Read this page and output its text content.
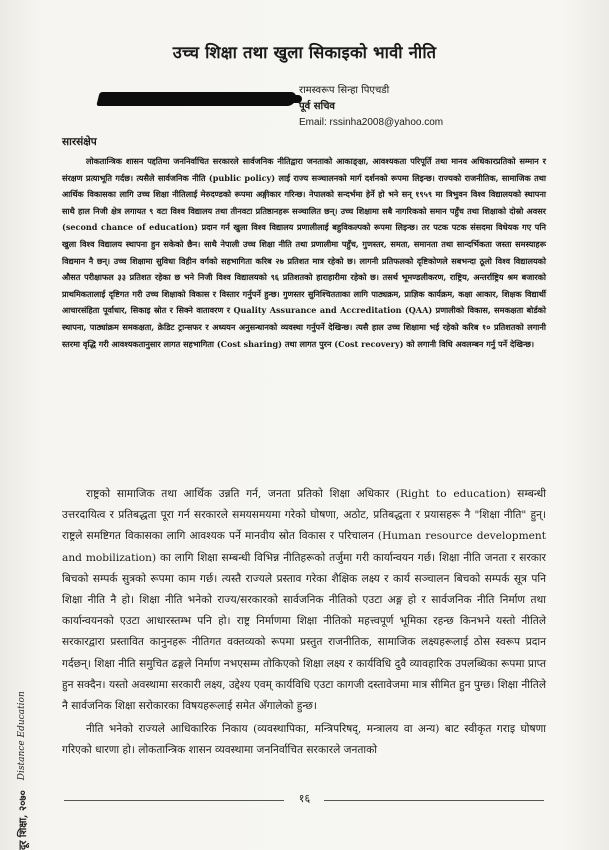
उच्च शिक्षा तथा खुला सिकाइको भावी नीति
रामस्वरूप सिन्हा पिएचडी
पूर्व सचिव
Email: rssinha2008@yahoo.com
सारसंक्षेप

लोकतान्त्रिक शासन पद्दतिमा जननिर्वाचित सरकारले सार्वजनिक नीतिद्वारा जनताको आकाङ्क्षा, आवश्यकता परिपूर्ति तथा मानव अधिकारप्रतिको सम्मान र संरक्षण प्रत्याभूति गर्दछ। त्यसैले सार्वजनिक नीति (public policy) लाई राज्य सञ्चालनको मार्ग दर्शनको रूपमा लिइन्छ। राज्यको राजनीतिक, सामाजिक तथा आर्थिक विकासका लागि उच्च शिक्षा नीतिलाई मेरुदण्डको रूपमा अङ्गीकार गरिन्छ। नेपालको सन्दर्भमा हेर्ने हो भने सन् १९५९ मा त्रिभुवन विश्व विद्यालयको स्थापना साथै हाल निजी क्षेत्र लगायत ९ वटा विश्व विद्यालय तथा तीनवटा प्रतिष्ठानहरू सञ्चालित छन्। उच्च शिक्षामा सबै नागरिकको समान पहुँच तथा शिक्षाको दोस्रो अवसर (second chance of education) प्रदान गर्न खुला विश्व विद्यालय प्रणालीलाई बहुविकल्पको रूपमा लिइन्छ। तर पटक पटक संसदमा विधेयक गए पनि खुला विश्व विद्यालय स्थापना हुन सकेको छैन। साथै नेपाली उच्च शिक्षा नीति तथा प्रणालीमा पहुँच, गुणस्तर, समता, समानता तथा सान्दर्भिकता जस्ता समस्याहरू विद्यमान नै छन्। उच्च शिक्षामा सुविधा विहीन वर्गको सहभागिता करिब २७ प्रतिशत मात्र रहेको छ। लागनी प्रतिफलको दृष्टिकोणले सबभन्दा ठूलो विश्व विद्यालयको औसत परीक्षाफल ३३ प्रतिशत रहेका छ भने निजी विश्व विद्यालयको ९६ प्रतिशतको हाराहारीमा रहेको छ। तसर्थ भूमण्डलीकरण, राष्ट्रिय, अन्तर्राष्ट्रिय श्रम बजारको प्राथमिकतालाई दृष्टिगत गरी उच्च शिक्षाको विकास र विस्तार गर्नुपर्ने हुन्छ। गुणस्तर सुनिश्चितताका लागि पाठ्यक्रम, प्राज्ञिक कार्यक्रम, कक्षा आकार, शिक्षक विद्यार्थी आचारसंहिता पूर्वाधार, सिकाइ स्रोत र सिक्ने वातावरण र Quality Assurance and Accreditation (QAA) प्रणालीको विकास, समकक्षता बोर्डको स्थापना, पाठ्यांक्रम समकक्षता, क्रेडिट ट्रान्सफर र अध्ययन अनुसन्धानको व्यवस्था गर्नुपर्ने देखिन्छ। त्यसै हाल उच्च शिक्षामा भई रहेको करिब १० प्रतिशतको लगानी स्तरमा वृद्धि गरी आवश्यकतानुसार लागत सहभागिता (Cost sharing) तथा लागत पुरन (Cost recovery) को लगानी विधि अवलम्बन गर्नु पर्ने देखिन्छ।

राष्ट्रको सामाजिक तथा आर्थिक उन्नति गर्न, जनता प्रतिको शिक्षा अधिकार (Right to education) सम्बन्धी उत्तरदायित्व र प्रतिबद्धता पूरा गर्न सरकारले समयसमयमा गरेको घोषणा, अठोट, प्रतिबद्धता र प्रयासहरू नै "शिक्षा नीति" हुन्। राष्ट्रले समष्टिगत विकासका लागि आवश्यक पर्ने मानवीय स्रोत विकास र परिचालन (Human resource development and mobilization) का लागि शिक्षा सम्बन्धी विभिन्न नीतिहरूको तर्जुमा गरी कार्यान्वयन गर्छ। शिक्षा नीति जनता र सरकार बिचको सम्पर्क सुत्रको रूपमा काम गर्छ। त्यस्तै राज्यले प्रस्ताव गरेका शैक्षिक लक्ष्य र कार्य सञ्चालन बिचको सम्पर्क सूत्र पनि शिक्षा नीति नै हो। शिक्षा नीति भनेको राज्य/सरकारको सार्वजनिक नीतिको एउटा अङ्ग हो र सार्वजनिक नीति निर्माण तथा कार्यान्वयनको एउटा आधारस्तम्भ पनि हो। राष्ट्र निर्माणमा शिक्षा नीतिको महत्त्वपूर्ण भूमिका रहन्छ किनभने यस्तो नीतिले सरकारद्वारा प्रस्तावित कानुनहरू नीतिगत वक्तव्यको रूपमा प्रस्तुत राजनीतिक, सामाजिक लक्ष्यहरूलाई ठोस स्वरूप प्रदान गर्दछन्। शिक्षा नीति समुचित ढङ्गले निर्माण नभएसम्म तोकिएको शिक्षा लक्ष्य र कार्यविधि दुवै व्यावहारिक उपलब्धिका रूपमा प्राप्त हुन सक्दैन। यस्तो अवस्थामा सरकारी लक्ष्य, उद्देश्य एवम् कार्यविधि एउटा कागजी दस्तावेजमा मात्र सीमित हुन पुग्छ। शिक्षा नीतिले नै सार्वजनिक शिक्षा सरोकारका विषयहरूलाई समेत अँगालेको हुन्छ।

नीति भनेको राज्यले आधिकारिक निकाय (व्यवस्थापिका, मन्त्रिपरिषद्, मन्त्रालय वा अन्य) बाट स्वीकृत गराइ घोषणा गरिएको धारणा हो। लोकतान्त्रिक शासन व्यवस्थामा जननिर्वाचित सरकारले जनताको

दूर शिक्षा, २०७०
Distance Education
१६
